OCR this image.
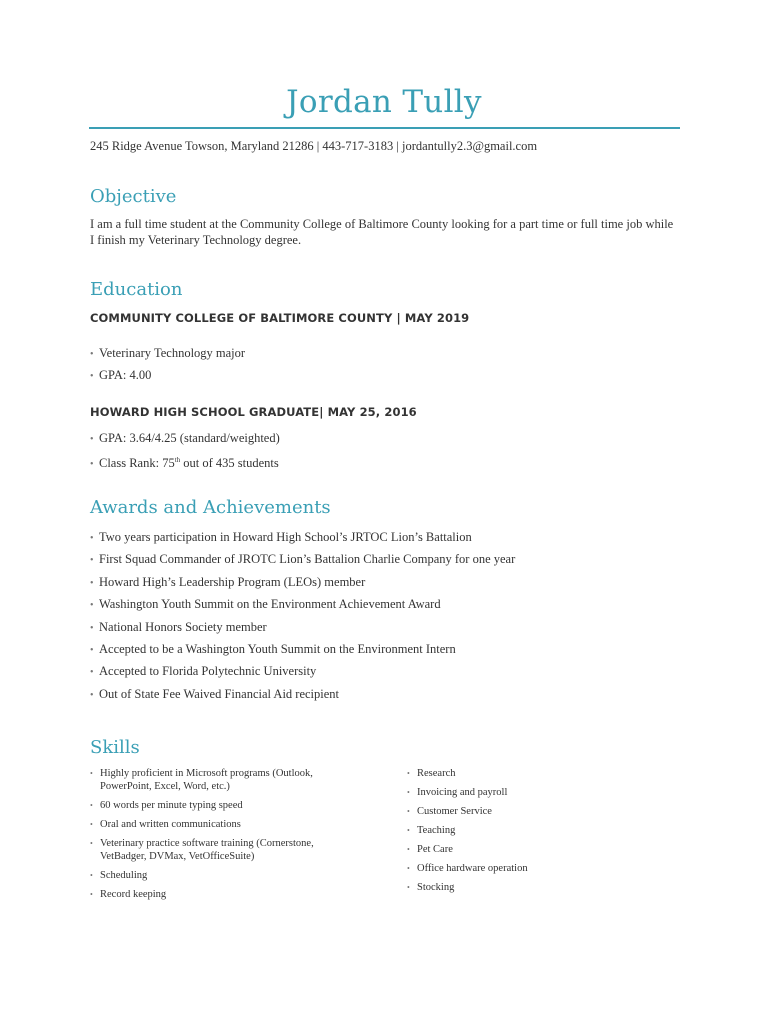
Jordan Tully
245 Ridge Avenue Towson, Maryland 21286 | 443-717-3183 | jordantully2.3@gmail.com
Objective
I am a full time student at the Community College of Baltimore County looking for a part time or full time job while I finish my Veterinary Technology degree.
Education
COMMUNITY COLLEGE OF BALTIMORE COUNTY | MAY 2019
• Veterinary Technology major
• GPA: 4.00
HOWARD HIGH SCHOOL GRADUATE| MAY 25, 2016
• GPA: 3.64/4.25 (standard/weighted)
• Class Rank: 75th out of 435 students
Awards and Achievements
• Two years participation in Howard High School’s JRTOC Lion’s Battalion
• First Squad Commander of JROTC Lion’s Battalion Charlie Company for one year
• Howard High’s Leadership Program (LEOs) member
• Washington Youth Summit on the Environment Achievement Award
• National Honors Society member
• Accepted to be a Washington Youth Summit on the Environment Intern
• Accepted to Florida Polytechnic University
• Out of State Fee Waived Financial Aid recipient
Skills
• Highly proficient in Microsoft programs (Outlook,
PowerPoint, Excel, Word, etc.)
• 60 words per minute typing speed
• Oral and written communications
• Veterinary practice software training (Cornerstone,
VetBadger, DVMax, VetOfficeSuite)
• Scheduling
• Record keeping
• Research
• Invoicing and payroll
• Customer Service
• Teaching
• Pet Care
• Office hardware operation
• Stocking
